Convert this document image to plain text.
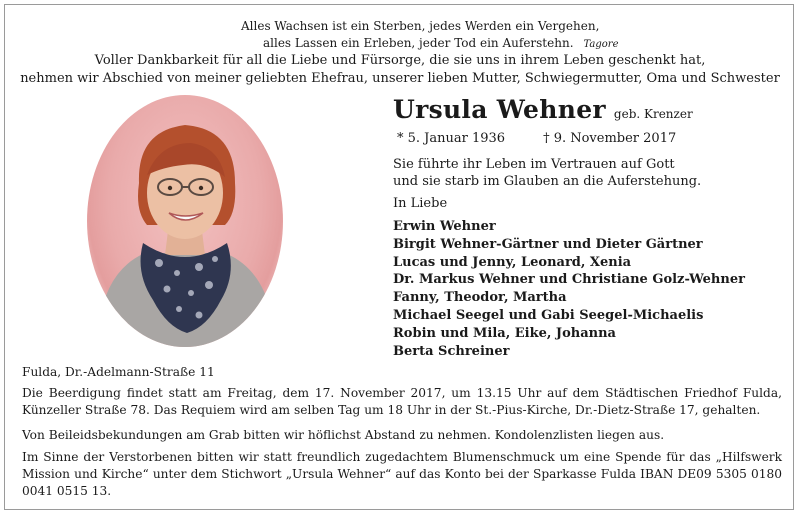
Alles Wachsen ist ein Sterben, jedes Werden ein Vergehen,

alles Lassen ein Erleben, jeder Tod ein Auferstehn. Tagore

Voller Dankbarkeit für all die Liebe und Fürsorge, die sie uns in ihrem Leben geschenkt hat,

nehmen wir Abschied von meiner geliebten Ehefrau, unserer lieben Mutter, Schwiegermutter, Oma und Schwester

Ursula Wehner geb. Krenzer
* 5. Januar 1936	† 9. November 2017
Sie führte ihr Leben im Vertrauen auf Gott
und sie starb im Glauben an die Auferstehung.

In Liebe

Erwin Wehner
Birgit Wehner-Gärtner und Dieter Gärtner
Lucas und Jenny, Leonard, Xenia
Dr. Markus Wehner und Christiane Golz-Wehner
Fanny, Theodor, Martha
Michael Seegel und Gabi Seegel-Michaelis
Robin und Mila, Eike, Johanna
Berta Schreiner

Fulda, Dr.-Adelmann-Straße 11

Die Beerdigung findet statt am Freitag, dem 17. November 2017, um 13.15 Uhr auf dem Städtischen Friedhof Fulda, Künzeller Straße 78. Das Requiem wird am selben Tag um 18 Uhr in der St.-Pius-Kirche, Dr.-Dietz-Straße 17, gehalten.

Von Beileidsbekundungen am Grab bitten wir höflichst Abstand zu nehmen. Kondolenzlisten liegen aus.

Im Sinne der Verstorbenen bitten wir statt freundlich zugedachtem Blumenschmuck um eine Spende für das „Hilfswerk Mission und Kirche“ unter dem Stichwort „Ursula Wehner“ auf das Konto bei der Sparkasse Fulda IBAN DE09 5305 0180 0041 0515 13.
